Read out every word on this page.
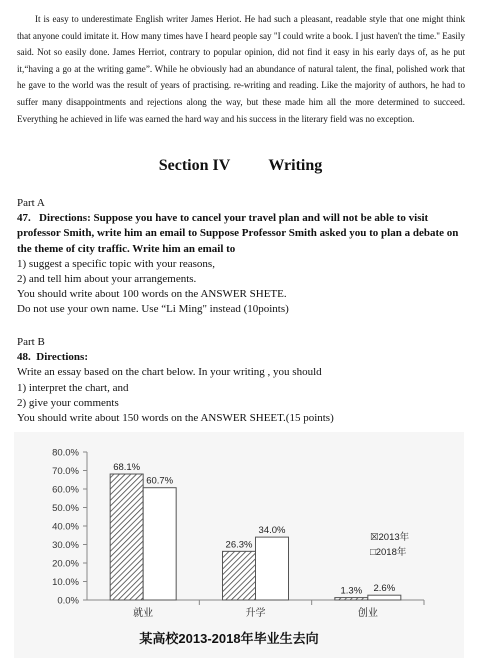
It is easy to underestimate English writer James Heriot. He had such a pleasant, readable style that one might think that anyone could imitate it. How many times have I heard people say "I could write a book. I just haven't the time." Easily said. Not so easily done. James Herriot, contrary to popular opinion, did not find it easy in his early days of, as he put it,“having a go at the writing game”. While he obviously had an abundance of natural talent, the final, polished work that he gave to the world was the result of years of practising. re-writing and reading. Like the majority of authors, he had to suffer many disappointments and rejections along the way, but these made him all the more determined to succeed. Everything he achieved in life was earned the hard way and his success in the literary field was no exception.
Section IV Writing
Part A
47. Directions: Suppose you have to cancel your travel plan and will not be able to visit professor Smith, write him an email to Suppose Professor Smith asked you to plan a debate on the theme of city traffic. Write him an email to
1) suggest a specific topic with your reasons,
2) and tell him about your arrangements.
You should write about 100 words on the ANSWER SHETE.
Do not use your own name. Use “Li Ming" instead (10points)
Part B
48. Directions:
Write an essay based on the chart below. In your writing , you should
1) interpret the chart, and
2) give your comments
You should write about 150 words on the ANSWER SHEET.(15 points)
0.0%
10.0%
20.0%
30.0%
40.0%
50.0%
60.0%
70.0%
80.0%
68.1%
60.7%
就业
26.3%
34.0%
升学
1.3% 2.6%
创业
☒2013年
□2018年
某高校2013-2018年毕业生去向
